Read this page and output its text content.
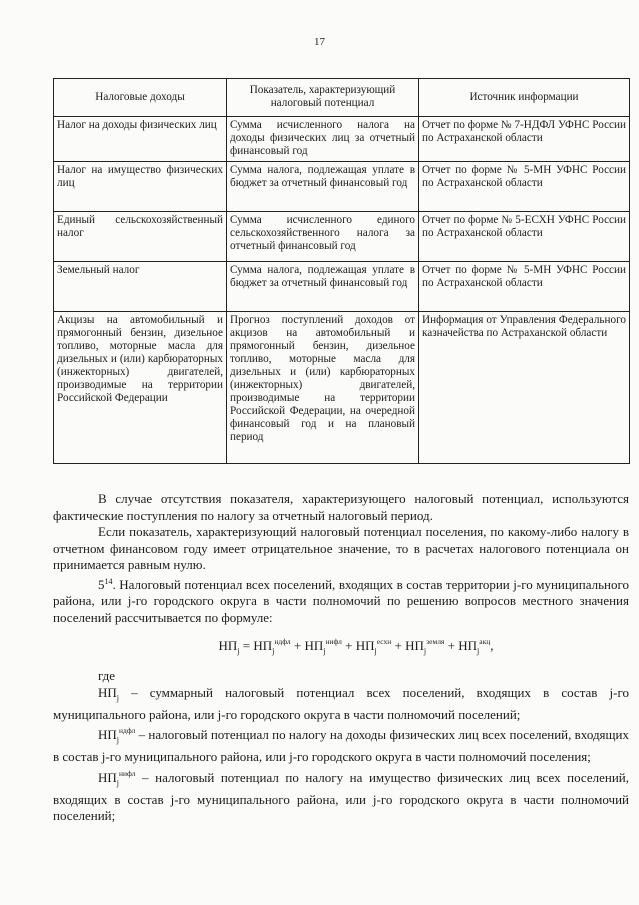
17
Налоговые доходы	Показатель, характеризующий налоговый потенциал	Источник информации
Налог на доходы физических лиц	Сумма исчисленного налога на доходы физических лиц за отчетный финансовый год	Отчет по форме № 7-НДФЛ УФНС России по Астраханской области
Налог на имущество физических лиц	Сумма налога, подлежащая уплате в бюджет за отчетный финансовый год	Отчет по форме № 5-МН УФНС России по Астраханской области
Единый сельскохозяйственный налог	Сумма исчисленного единого сельскохозяйственного налога за отчетный финансовый год	Отчет по форме № 5-ЕСХН УФНС России по Астраханской области
Земельный налог	Сумма налога, подлежащая уплате в бюджет за отчетный финансовый год	Отчет по форме № 5-МН УФНС России по Астраханской области
Акцизы на автомобильный и прямогонный бензин, дизельное топливо, моторные масла для дизельных и (или) карбюраторных (инжекторных) двигателей, производимые на территории Российской Федерации	Прогноз поступлений доходов от акцизов на автомобильный и прямогонный бензин, дизельное топливо, моторные масла для дизельных и (или) карбюраторных (инжекторных) двигателей, производимые на территории Российской Федерации, на очередной финансовый год и на плановый период	Информация от Управления Федерального казначейства по Астраханской области

В случае отсутствия показателя, характеризующего налоговый потенциал, используются фактические поступления по налогу за отчетный налоговый период.

Если показатель, характеризующий налоговый потенциал поселения, по какому-либо налогу в отчетном финансовом году имеет отрицательное значение, то в расчетах налогового потенциала он принимается равным нулю.

$5^{14}$. Налоговый потенциал всех поселений, входящих в состав территории j-го муниципального района, или j-го городского округа в части полномочий по решению вопросов местного значения поселений рассчитывается по формуле:

$НП_j = НП_j^{ндфл} + НП_j^{нифл} + НП_j^{есхн} + НП_j^{земля} + НП_j^{акц}$,

где

$НП_j$ – суммарный налоговый потенциал всех поселений, входящих в состав j-го муниципального района, или j-го городского округа в части полномочий поселений;

$НП_j^{ндфл}$ – налоговый потенциал по налогу на доходы физических лиц всех поселений, входящих в состав j-го муниципального района, или j-го городского округа в части полномочий поселения;

$НП_j^{нифл}$ – налоговый потенциал по налогу на имущество физических лиц всех поселений, входящих в состав j-го муниципального района, или j-го городского округа в части полномочий поселений;
